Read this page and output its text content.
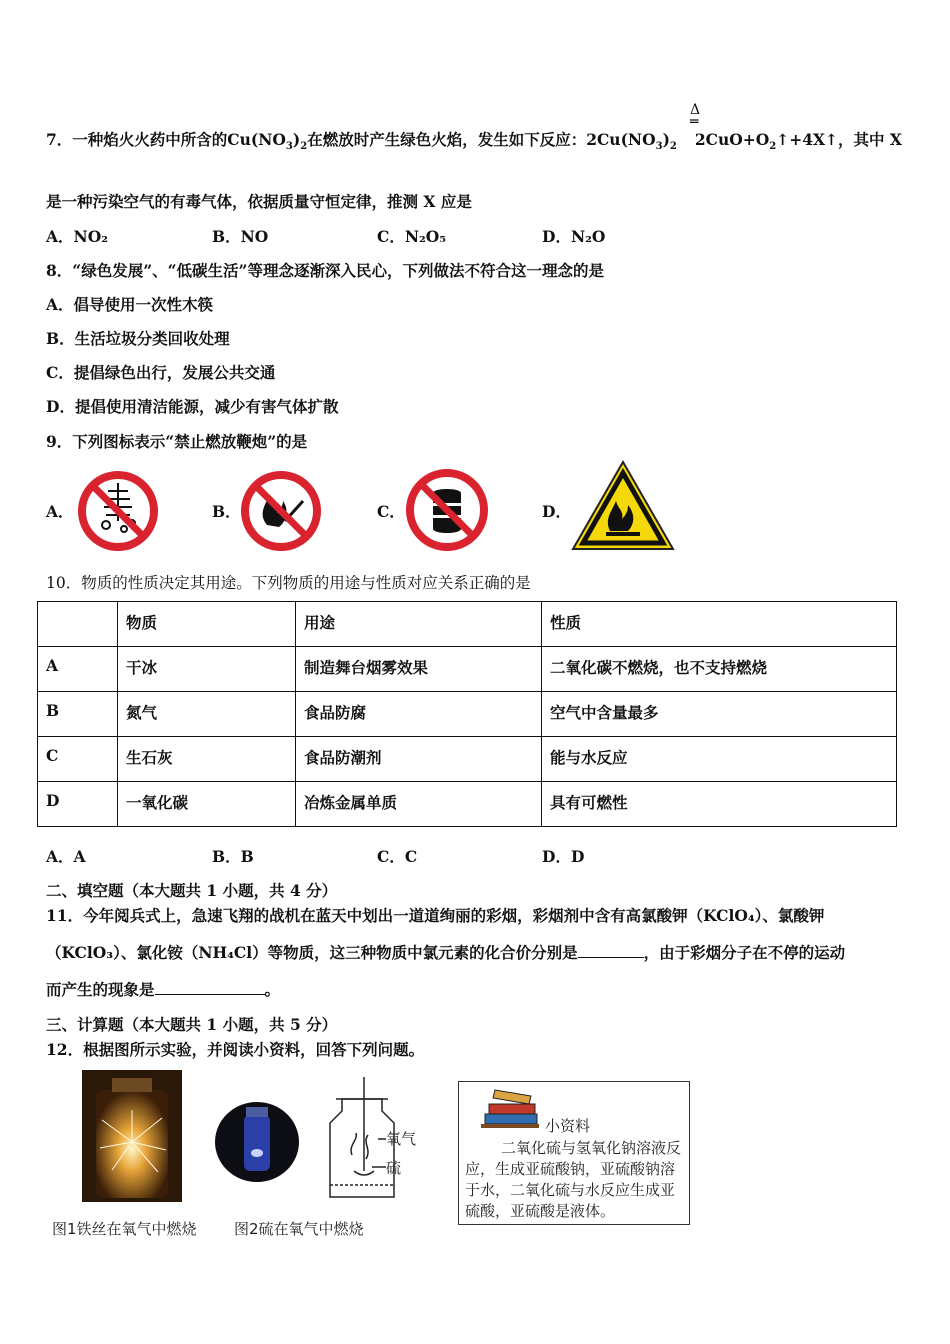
Δ
═
7．一种焰火火药中所含的$Cu(NO_3)_2$在燃放时产生绿色火焰，发生如下反应：$2Cu(NO_3)_2$ $2CuO+O_2↑+4X↑$，其中 X
是一种污染空气的有毒气体，依据质量守恒定律，推测 X 应是
A．NO₂	B．NO	C．N₂O₅	D．N₂O
8．“绿色发展”、“低碳生活”等理念逐渐深入民心，下列做法不符合这一理念的是
A．倡导使用一次性木筷
B．生活垃圾分类回收处理
C．提倡绿色出行，发展公共交通
D．提倡使用清洁能源，减少有害气体扩散
9．下列图标表示“禁止燃放鞭炮”的是
A．	B．	C．	D．
10．物质的性质决定其用途。下列物质的用途与性质对应关系正确的是
	物质	用途	性质
A	干冰	制造舞台烟雾效果	二氧化碳不燃烧，也不支持燃烧
B	氮气	食品防腐	空气中含量最多
C	生石灰	食品防潮剂	能与水反应
D	一氧化碳	冶炼金属单质	具有可燃性
A．A	B．B	C．C	D．D
二、填空题（本大题共 1 小题，共 4 分）
11．今年阅兵式上，急速飞翔的战机在蓝天中划出一道道绚丽的彩烟，彩烟剂中含有高氯酸钾（KClO₄）、氯酸钾
（KClO₃）、氯化铵（NH₄Cl）等物质，这三种物质中氯元素的化合价分别是	，由于彩烟分子在不停的运动
而产生的现象是	。
三、计算题（本大题共 1 小题，共 5 分）
12．根据图所示实验，并阅读小资料，回答下列问题。
氧气
硫
图1铁丝在氧气中燃烧 图2硫在氧气中燃烧
小资料
二氧化硫与氢氧化钠溶液反应，生成亚硫酸钠，亚硫酸钠溶于水，二氧化硫与水反应生成亚硫酸，亚硫酸是液体。
